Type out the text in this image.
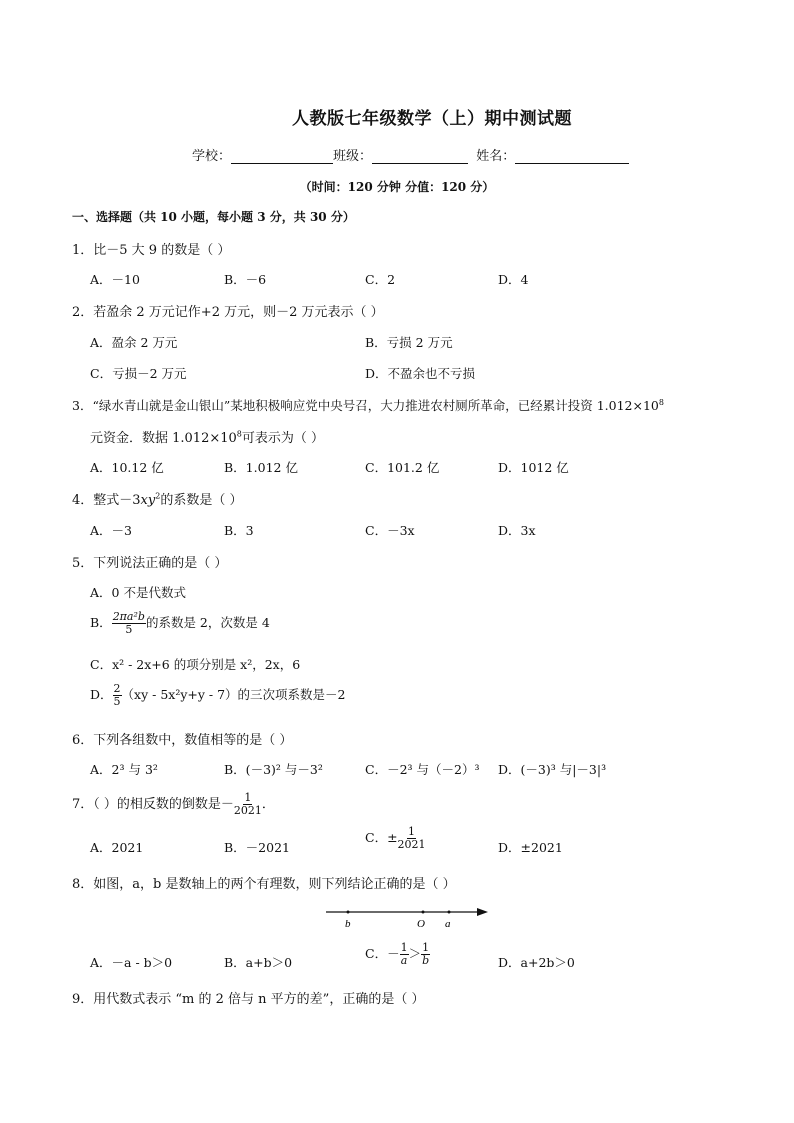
人教版七年级数学（上）期中测试题
学校：	班级：	姓名：
（时间：120 分钟 分值：120 分）
一、选择题（共 10 小题，每小题 3 分，共 30 分）
1．比－5 大 9 的数是（ ）
A．－10	B．－6	C．2	D．4
2．若盈余 2 万元记作+2 万元，则－2 万元表示（ ）
A．盈余 2 万元	B．亏损 2 万元
C．亏损－2 万元	D．不盈余也不亏损
3．“绿水青山就是金山银山”某地积极响应党中央号召，大力推进农村厕所革命，已经累计投资 $1.012\times 10^8$
元资金．数据 $1.012\times 10^8$可表示为（ ）
A．10.12 亿	B．1.012 亿	C．101.2 亿	D．1012 亿
4．整式$-3xy^2$的系数是（ ）
A．－3	B．3	C．－3x	D．3x
5．下列说法正确的是（ ）
A．0 不是代数式
B． $\frac{\text{2πa²b}}{5}$ 的系数是 2，次数是 4
C．x² - 2x+6 的项分别是 x²，2x，6
D． $\frac{2}{5} (xy - 5x^2y+y - 7)$的三次项系数是－2
6．下列各组数中，数值相等的是（ ）
A．2³ 与 3²	B．(－3)² 与－3²	C．－2³ 与（－2）³ D．(－3)³ 与|－3|³
7．（ ）的相反数的倒数是－ $\frac{1}{2021}$ ．
A．2021	B．－2021
C．± $\frac{1}{2021}$	D．±2021
8．如图，a，b 是数轴上的两个有理数，则下列结论正确的是（ ）
b	O a
A．－a - b＞0	B．a+b＞0
C．－ $\frac{1}{a} > \frac{1}{b}$	D．a+2b＞0
9．用代数式表示 “m 的 2 倍与 n 平方的差”，正确的是（ ）
